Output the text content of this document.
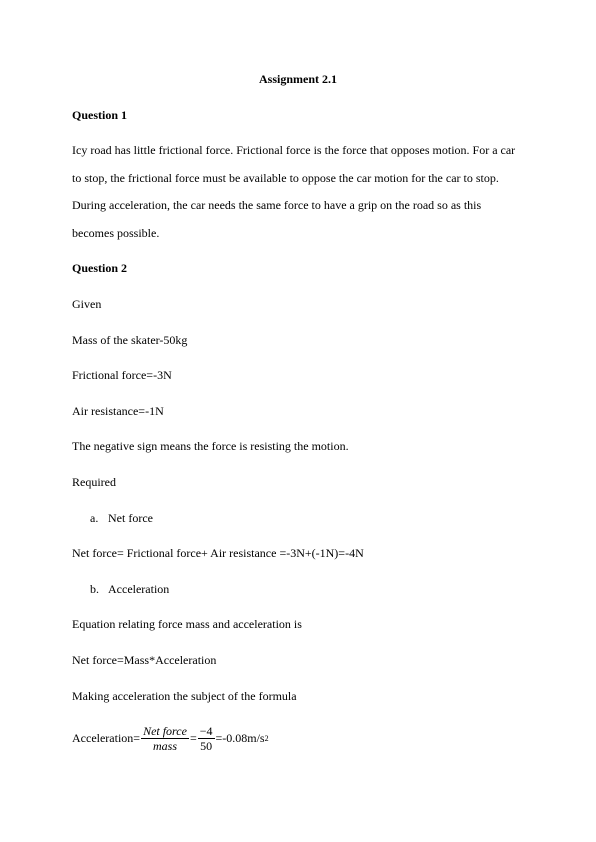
Assignment 2.1
Question 1
Icy road has little frictional force. Frictional force is the force that opposes motion. For a car
to stop, the frictional force must be available to oppose the car motion for the car to stop.
During acceleration, the car needs the same force to have a grip on the road so as this
becomes possible.
Question 2
Given
Mass of the skater-50kg
Frictional force=-3N
Air resistance=-1N
The negative sign means the force is resisting the motion.
Required
a. Net force
Net force= Frictional force+ Air resistance =-3N+(-1N)=-4N
b. Acceleration
Equation relating force mass and acceleration is
Net force=Mass*Acceleration
Making acceleration the subject of the formula
Acceleration= $\frac{\text{Net force}}{\text{mass}} = \frac{-4}{50} =-0.08m/s$ 2
